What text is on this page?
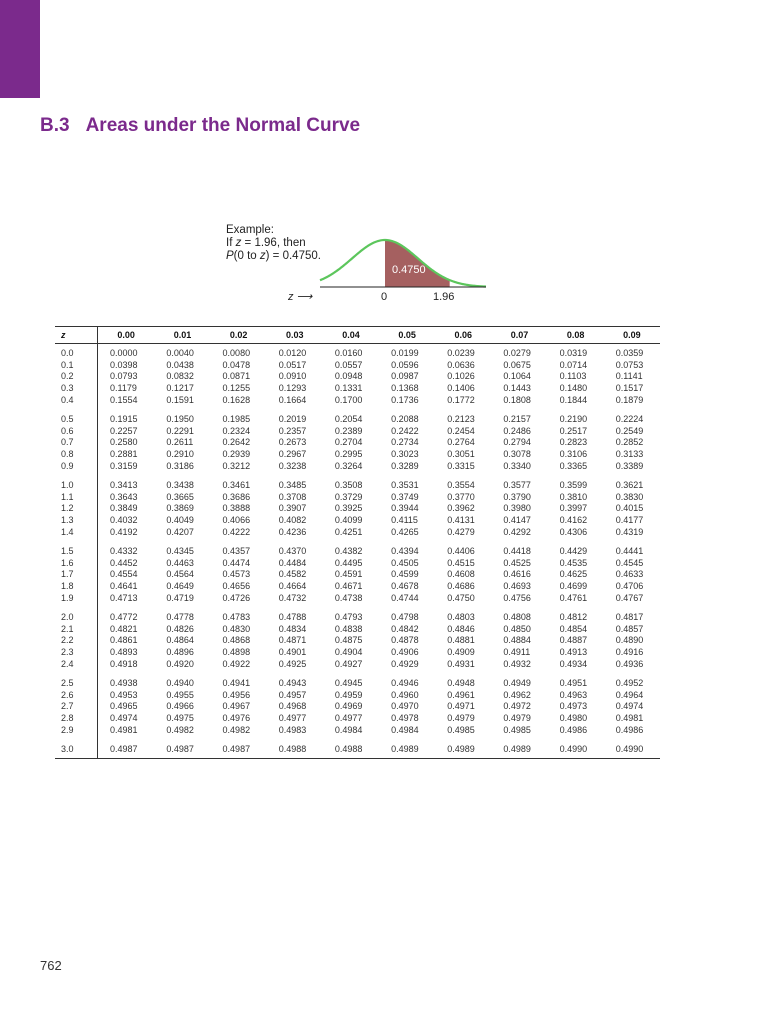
B.3 Areas under the Normal Curve
Example:
If z = 1.96, then
P(0 to z) = 0.4750.
0.4750
z ⟶	0	1.96
z	0.00	0.01	0.02	0.03	0.04	0.05	0.06	0.07	0.08	0.09
0.0	0.0000	0.0040	0.0080	0.0120	0.0160	0.0199	0.0239	0.0279	0.0319	0.0359
0.1	0.0398	0.0438	0.0478	0.0517	0.0557	0.0596	0.0636	0.0675	0.0714	0.0753
0.2	0.0793	0.0832	0.0871	0.0910	0.0948	0.0987	0.1026	0.1064	0.1103	0.1141
0.3	0.1179	0.1217	0.1255	0.1293	0.1331	0.1368	0.1406	0.1443	0.1480	0.1517
0.4	0.1554	0.1591	0.1628	0.1664	0.1700	0.1736	0.1772	0.1808	0.1844	0.1879

0.5	0.1915	0.1950	0.1985	0.2019	0.2054	0.2088	0.2123	0.2157	0.2190	0.2224
0.6	0.2257	0.2291	0.2324	0.2357	0.2389	0.2422	0.2454	0.2486	0.2517	0.2549
0.7	0.2580	0.2611	0.2642	0.2673	0.2704	0.2734	0.2764	0.2794	0.2823	0.2852
0.8	0.2881	0.2910	0.2939	0.2967	0.2995	0.3023	0.3051	0.3078	0.3106	0.3133
0.9	0.3159	0.3186	0.3212	0.3238	0.3264	0.3289	0.3315	0.3340	0.3365	0.3389

1.0	0.3413	0.3438	0.3461	0.3485	0.3508	0.3531	0.3554	0.3577	0.3599	0.3621
1.1	0.3643	0.3665	0.3686	0.3708	0.3729	0.3749	0.3770	0.3790	0.3810	0.3830
1.2	0.3849	0.3869	0.3888	0.3907	0.3925	0.3944	0.3962	0.3980	0.3997	0.4015
1.3	0.4032	0.4049	0.4066	0.4082	0.4099	0.4115	0.4131	0.4147	0.4162	0.4177
1.4	0.4192	0.4207	0.4222	0.4236	0.4251	0.4265	0.4279	0.4292	0.4306	0.4319

1.5	0.4332	0.4345	0.4357	0.4370	0.4382	0.4394	0.4406	0.4418	0.4429	0.4441
1.6	0.4452	0.4463	0.4474	0.4484	0.4495	0.4505	0.4515	0.4525	0.4535	0.4545
1.7	0.4554	0.4564	0.4573	0.4582	0.4591	0.4599	0.4608	0.4616	0.4625	0.4633
1.8	0.4641	0.4649	0.4656	0.4664	0.4671	0.4678	0.4686	0.4693	0.4699	0.4706
1.9	0.4713	0.4719	0.4726	0.4732	0.4738	0.4744	0.4750	0.4756	0.4761	0.4767

2.0	0.4772	0.4778	0.4783	0.4788	0.4793	0.4798	0.4803	0.4808	0.4812	0.4817
2.1	0.4821	0.4826	0.4830	0.4834	0.4838	0.4842	0.4846	0.4850	0.4854	0.4857
2.2	0.4861	0.4864	0.4868	0.4871	0.4875	0.4878	0.4881	0.4884	0.4887	0.4890
2.3	0.4893	0.4896	0.4898	0.4901	0.4904	0.4906	0.4909	0.4911	0.4913	0.4916
2.4	0.4918	0.4920	0.4922	0.4925	0.4927	0.4929	0.4931	0.4932	0.4934	0.4936

2.5	0.4938	0.4940	0.4941	0.4943	0.4945	0.4946	0.4948	0.4949	0.4951	0.4952
2.6	0.4953	0.4955	0.4956	0.4957	0.4959	0.4960	0.4961	0.4962	0.4963	0.4964
2.7	0.4965	0.4966	0.4967	0.4968	0.4969	0.4970	0.4971	0.4972	0.4973	0.4974
2.8	0.4974	0.4975	0.4976	0.4977	0.4977	0.4978	0.4979	0.4979	0.4980	0.4981
2.9	0.4981	0.4982	0.4982	0.4983	0.4984	0.4984	0.4985	0.4985	0.4986	0.4986

3.0	0.4987	0.4987	0.4987	0.4988	0.4988	0.4989	0.4989	0.4989	0.4990	0.4990
762
